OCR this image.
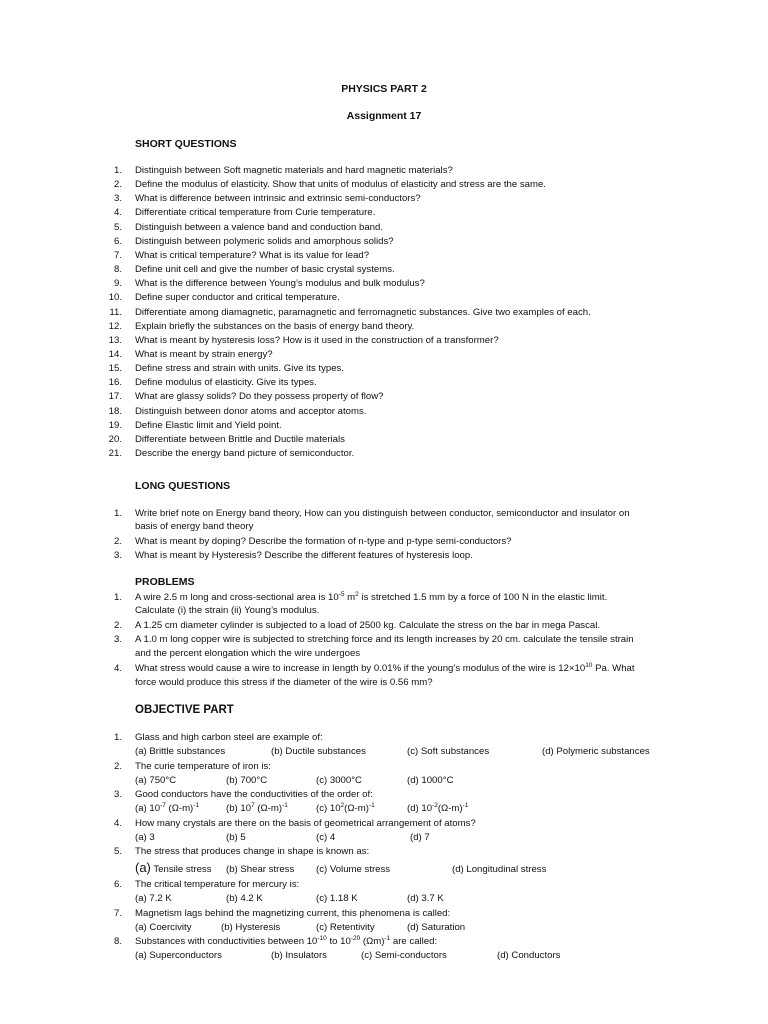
PHYSICS PART 2
Assignment 17
SHORT QUESTIONS
1. Distinguish between Soft magnetic materials and hard magnetic materials?
2. Define the modulus of elasticity. Show that units of modulus of elasticity and stress are the same.
3. What is difference between intrinsic and extrinsic semi-conductors?
4. Differentiate critical temperature from Curie temperature.
5. Distinguish between a valence band and conduction band.
6. Distinguish between polymeric solids and amorphous solids?
7. What is critical temperature? What is its value for lead?
8. Define unit cell and give the number of basic crystal systems.
9. What is the difference between Young’s modulus and bulk modulus?
10. Define super conductor and critical temperature.
11. Differentiate among diamagnetic, paramagnetic and ferromagnetic substances. Give two examples of each.
12. Explain briefly the substances on the basis of energy band theory.
13. What is meant by hysteresis loss? How is it used in the construction of a transformer?
14. What is meant by strain energy?
15. Define stress and strain with units. Give its types.
16. Define modulus of elasticity. Give its types.
17. What are glassy solids? Do they possess property of flow?
18. Distinguish between donor atoms and acceptor atoms.
19. Define Elastic limit and Yield point.
20. Differentiate between Brittle and Ductile materials
21. Describe the energy band picture of semiconductor.
LONG QUESTIONS
1. Write brief note on Energy band theory, How can you distinguish between conductor, semiconductor and insulator on
basis of energy band theory
2. What is meant by doping? Describe the formation of n-type and p-type semi-conductors?
3. What is meant by Hysteresis? Describe the different features of hysteresis loop.
PROBLEMS
1. A wire 2.5 m long and cross-sectional area is $10^{-5}$ $m^2$ is stretched 1.5 mm by a force of 100 N in the elastic limit.
Calculate (i) the strain (ii) Young’s modulus.
2. A 1.25 cm diameter cylinder is subjected to a load of 2500 kg. Calculate the stress on the bar in mega Pascal.
3. A 1.0 m long copper wire is subjected to stretching force and its length increases by 20 cm. calculate the tensile strain
and the percent elongation which the wire undergoes
4. What stress would cause a wire to increase in length by 0.01% if the young’s modulus of the wire is $12\times 10^{10}$ Pa. What
force would produce this stress if the diameter of the wire is 0.56 mm?
OBJECTIVE PART
1. Glass and high carbon steel are example of:
(a) Brittle substances	(b) Ductile substances	(c) Soft substances	(d) Polymeric substances
2. The curie temperature of iron is:
(a) 750°C	(b) 700°C	(c) 3000°C	(d) 1000°C
3. Good conductors have the conductivities of the order of:
(a) $10^{-7}$ $(\Omega-m)^{-1}$	(b) $10^7$ $(\Omega-m)^{-1}$	(c) $10^2(\Omega-m)^{-1}$	(d) $10^{-2}(\Omega-m)^{-1}$
4. How many crystals are there on the basis of geometrical arrangement of atoms?
(a) 3	(b) 5	(c) 4	(d) 7
5. The stress that produces change in shape is known as:
(a) Tensile stress (b) Shear stress (c) Volume stress	(d) Longitudinal stress
6. The critical temperature for mercury is:
(a) 7.2 K	(b) 4.2 K	(c) 1.18 K	(d) 3.7 K
7. Magnetism lags behind the magnetizing current, this phenomena is called:
(a) Coercivity	(b) Hysteresis	(c) Retentivity	(d) Saturation
8. Substances with conductivities between $10^{-10}$ to $10^{-20}$ $(\Omega m)^{-1}$ are called:
(a) Superconductors	(b) Insulators	(c) Semi-conductors	(d) Conductors
